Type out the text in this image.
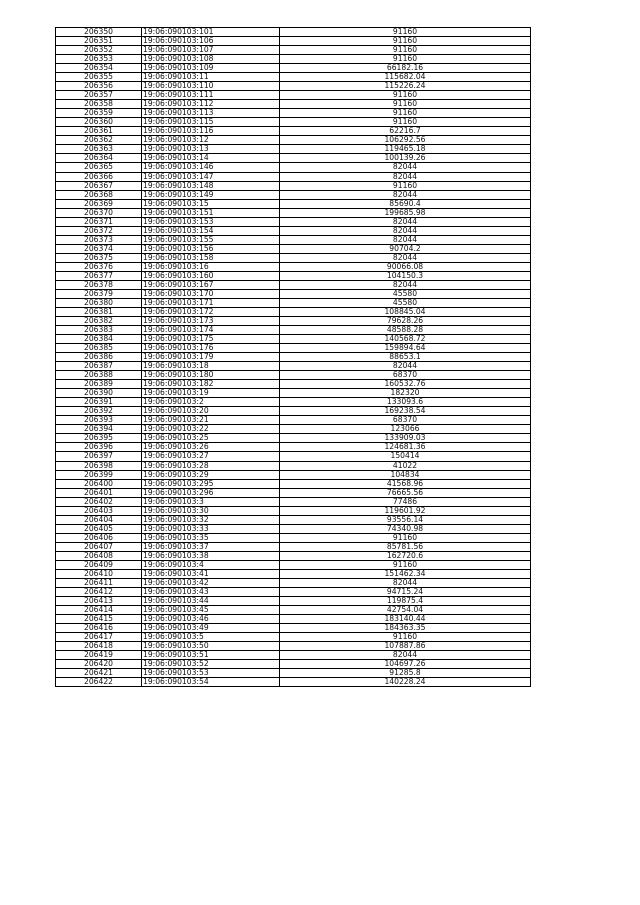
206350	19:06:090103:101	91160
206351	19:06:090103:106	91160
206352	19:06:090103:107	91160
206353	19:06:090103:108	91160
206354	19:06:090103:109	66182.16
206355	19:06:090103:11	115682.04
206356	19:06:090103:110	115226.24
206357	19:06:090103:111	91160
206358	19:06:090103:112	91160
206359	19:06:090103:113	91160
206360	19:06:090103:115	91160
206361	19:06:090103:116	62216.7
206362	19:06:090103:12	106292.56
206363	19:06:090103:13	119465.18
206364	19:06:090103:14	100139.26
206365	19:06:090103:146	82044
206366	19:06:090103:147	82044
206367	19:06:090103:148	91160
206368	19:06:090103:149	82044
206369	19:06:090103:15	85690.4
206370	19:06:090103:151	199685.98
206371	19:06:090103:153	82044
206372	19:06:090103:154	82044
206373	19:06:090103:155	82044
206374	19:06:090103:156	90704.2
206375	19:06:090103:158	82044
206376	19:06:090103:16	90066.08
206377	19:06:090103:160	104150.3
206378	19:06:090103:167	82044
206379	19:06:090103:170	45580
206380	19:06:090103:171	45580
206381	19:06:090103:172	108845.04
206382	19:06:090103:173	79628.26
206383	19:06:090103:174	48588.28
206384	19:06:090103:175	140568.72
206385	19:06:090103:176	159894.64
206386	19:06:090103:179	88653.1
206387	19:06:090103:18	82044
206388	19:06:090103:180	68370
206389	19:06:090103:182	160532.76
206390	19:06:090103:19	182320
206391	19:06:090103:2	133093.6
206392	19:06:090103:20	169238.54
206393	19:06:090103:21	68370
206394	19:06:090103:22	123066
206395	19:06:090103:25	133909.03
206396	19:06:090103:26	124681.36
206397	19:06:090103:27	150414
206398	19:06:090103:28	41022
206399	19:06:090103:29	104834
206400	19:06:090103:295	41568.96
206401	19:06:090103:296	76665.56
206402	19:06:090103:3	77486
206403	19:06:090103:30	119601.92
206404	19:06:090103:32	93556.14
206405	19:06:090103:33	74340.98
206406	19:06:090103:35	91160
206407	19:06:090103:37	85781.56
206408	19:06:090103:38	162720.6
206409	19:06:090103:4	91160
206410	19:06:090103:41	151462.34
206411	19:06:090103:42	82044
206412	19:06:090103:43	94715.24
206413	19:06:090103:44	119875.4
206414	19:06:090103:45	42754.04
206415	19:06:090103:46	183140.44
206416	19:06:090103:49	184363.35
206417	19:06:090103:5	91160
206418	19:06:090103:50	107887.86
206419	19:06:090103:51	82044
206420	19:06:090103:52	104697.26
206421	19:06:090103:53	91285.8
206422	19:06:090103:54	140228.24
